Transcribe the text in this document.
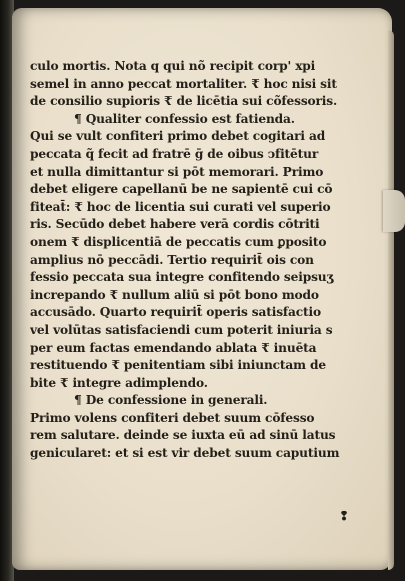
culo mortis. Nota q qui nõ recipit corp' xpi
semel in anno peccat mortaliter. ₹ hoc nisi sit
de consilio supioris ₹ de licētia sui cõfessoris.
¶ Qualiter confessio est fatienda.
Qui se vult confiteri primo debet cogitari ad
peccata q̃ fecit ad fratrē ḡ de oibus ↄfitētur
et nulla dimittantur si pōt memorari. Primo
debet eligere capellanū be ne sapientē cui cō
fiteat̄: ₹ hoc de licentia sui curati vel superio
ris. Secūdo debet habere verā cordis cōtriti
onem ₹ displicentiā de peccatis cum ꝑposito
amplius nō peccādi. Tertio requirit̄ ois con
fessio peccata sua integre confitendo seipsuʒ
increpando ₹ nullum aliū si pōt bono modo
accusādo. Quarto requirit̄ operis satisfactio
vel volūtas satisfaciendi cum poterit iniuria s
per eum factas emendando ablata ₹ inuēta
restituendo ₹ penitentiam sibi iniunctam de
bite ₹ integre adimplendo.
¶ De confessione in generali.
Primo volens confiteri debet suum cōfesso
rem salutare. deinde se iuxta eū ad sinū latus
genicularet: et si est vir debet suum caputium
❢
